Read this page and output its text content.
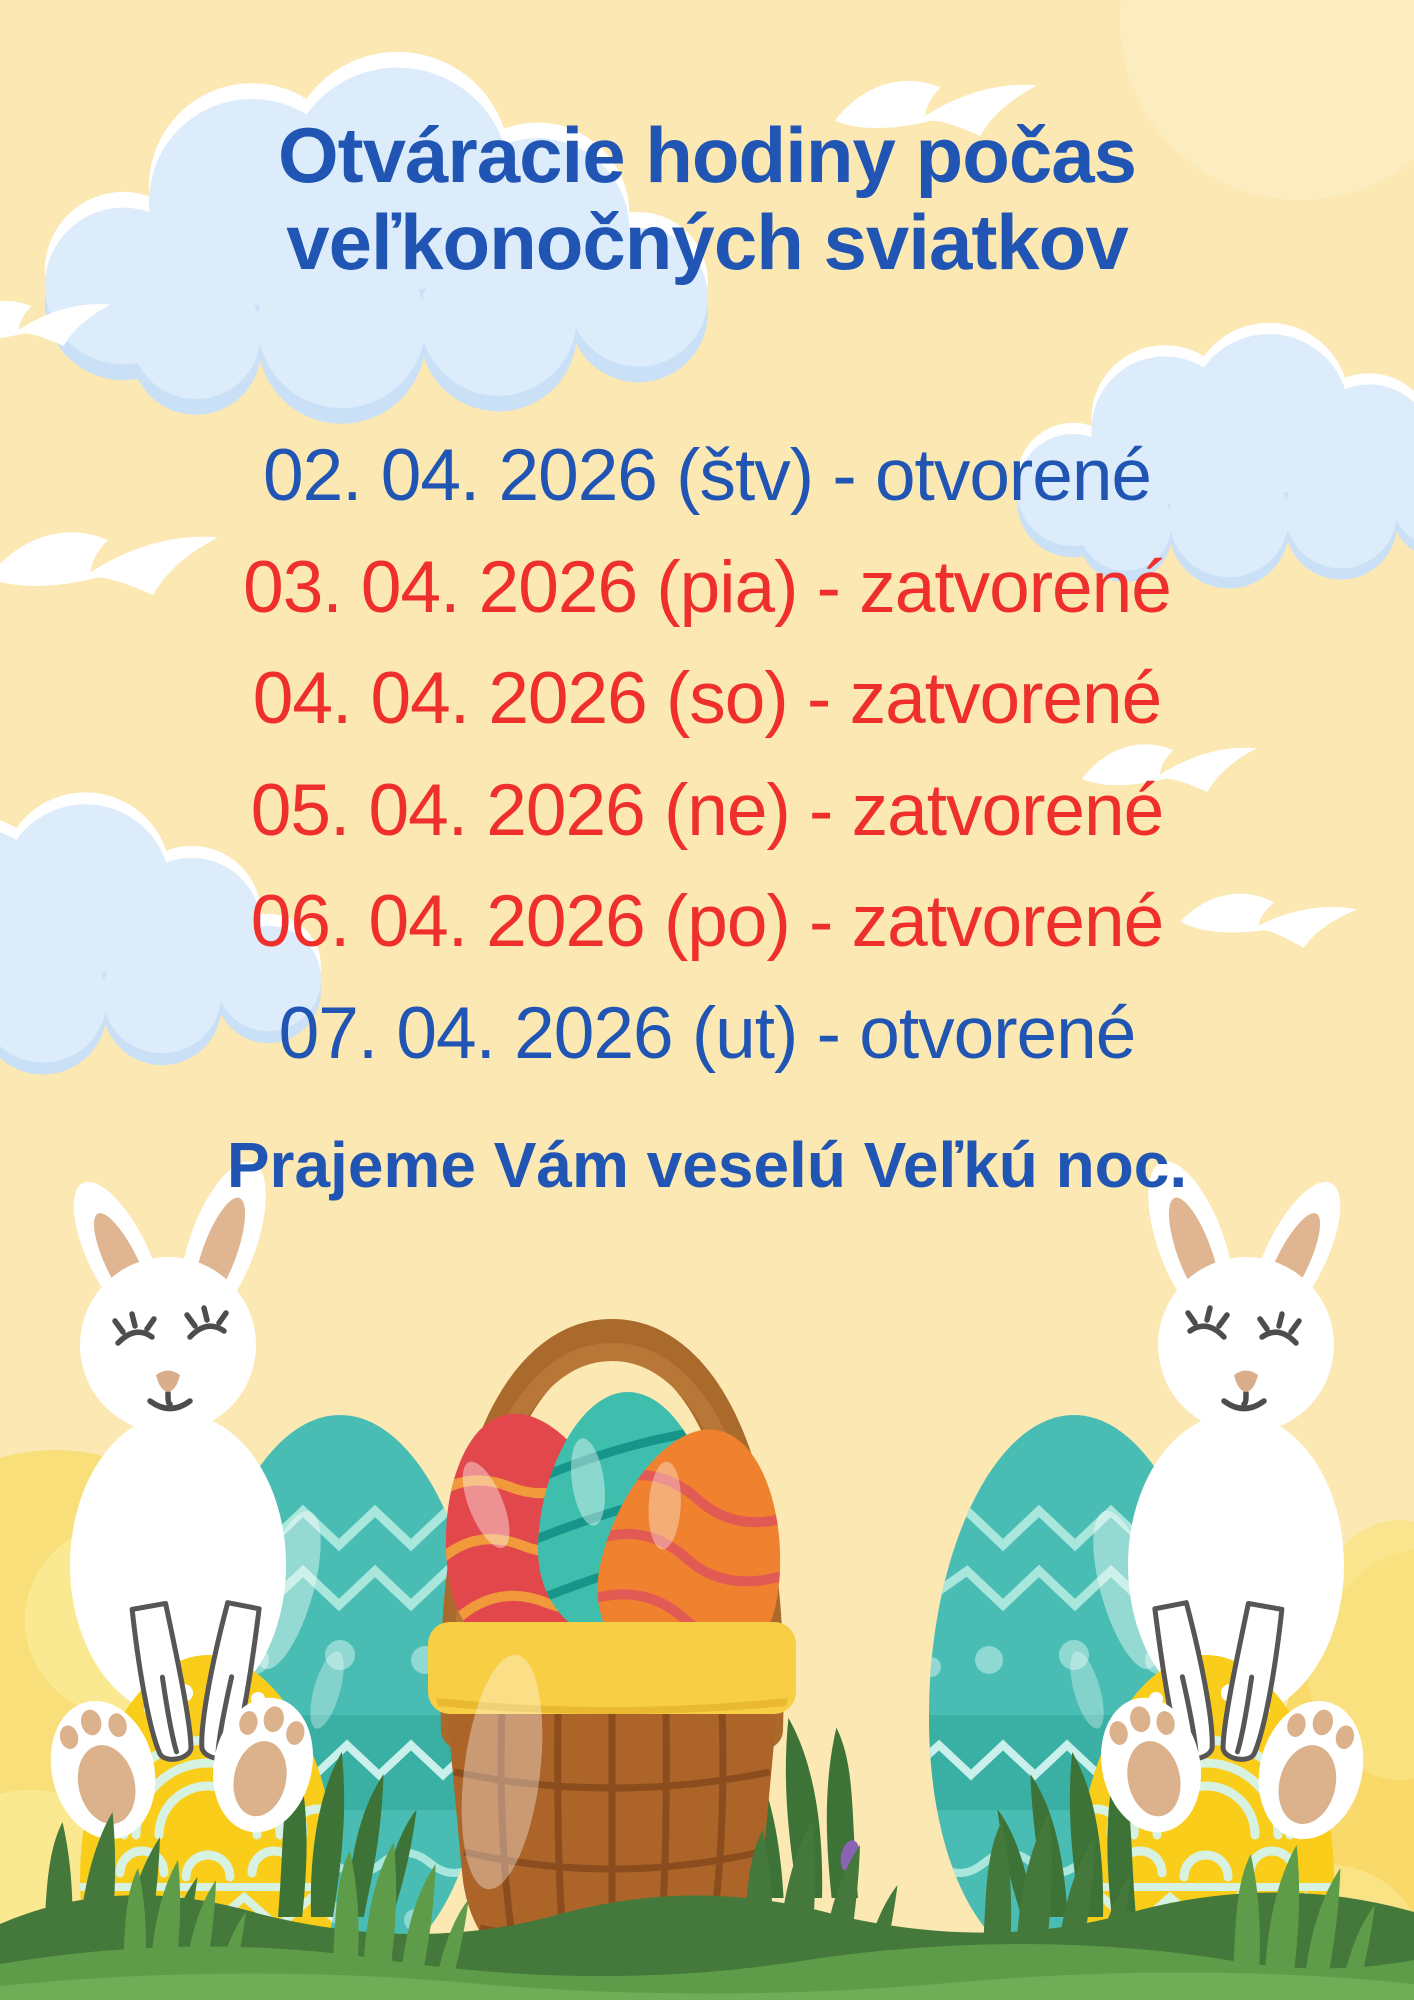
Otváracie hodiny počas
veľkonočných sviatkov
02. 04. 2026 (štv) - otvorené
03. 04. 2026 (pia) - zatvorené
04. 04. 2026 (so) - zatvorené
05. 04. 2026 (ne) - zatvorené
06. 04. 2026 (po) - zatvorené
07. 04. 2026 (ut) - otvorené
Prajeme Vám veselú Veľkú noc.
